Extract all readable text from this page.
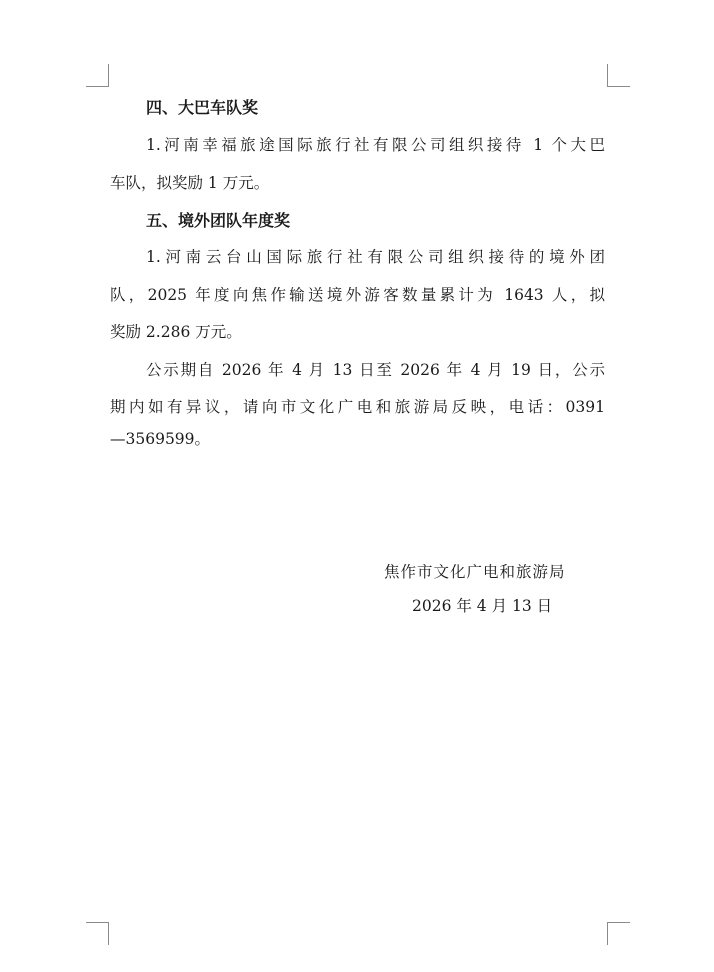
四、大巴车队奖
1.河南幸福旅途国际旅行社有限公司组织接待 1 个大巴
车队，拟奖励 1 万元。
五、境外团队年度奖
1.河南云台山国际旅行社有限公司组织接待的境外团
队，2025 年度向焦作输送境外游客数量累计为 1643 人，拟
奖励 2.286 万元。
公示期自 2026 年 4 月 13 日至 2026 年 4 月 19 日，公示
期内如有异议，请向市文化广电和旅游局反映，电话：0391
—3569599。
焦作市文化广电和旅游局
2026 年 4 月 13 日
